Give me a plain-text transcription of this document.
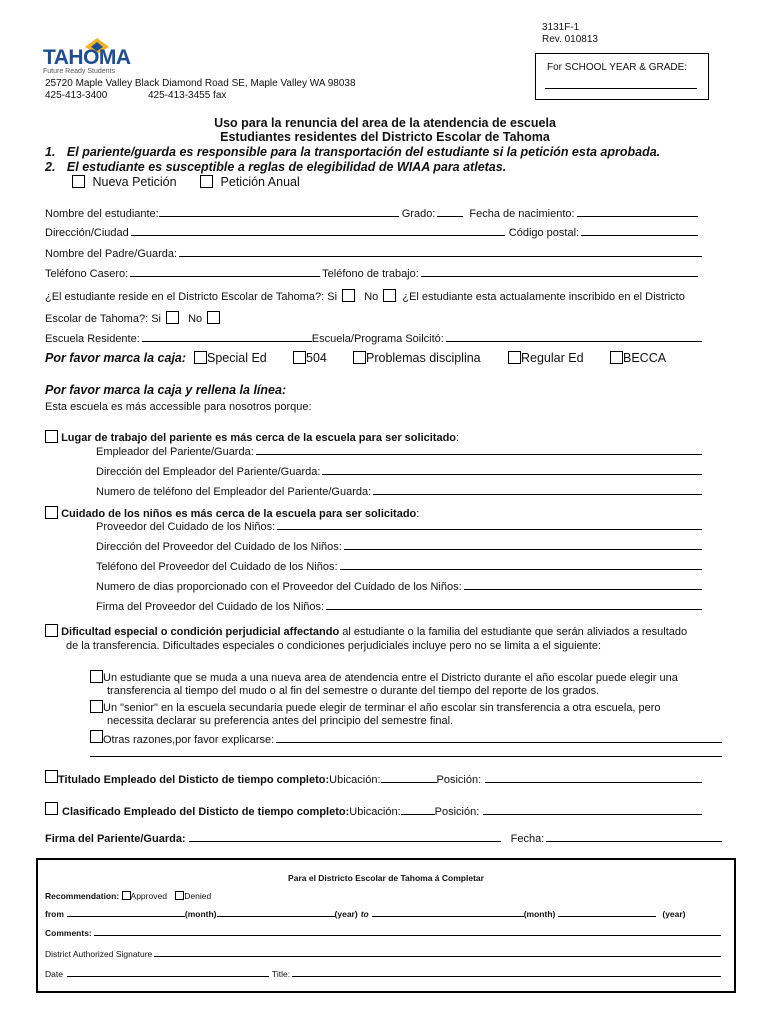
3131F-1
Rev. 010813
TAHOMA
Future Ready Students
25720 Maple Valley Black Diamond Road SE, Maple Valley WA 98038
425-413-3400	425-413-3455 fax
For SCHOOL YEAR & GRADE:
Uso para la renuncia del area de la atendencia de escuela
Estudiantes residentes del Districto Escolar de Tahoma
1. El pariente/guarda es responsible para la transportación del estudiante si la petición esta aprobada.
2. El estudiante es susceptible a reglas de elegibilidad de WIAA para atletas.
Nueva Petición	Petición Anual
Nombre del estudiante:	Grado:	Fecha de nacimiento:
Dirección/Ciudad	Código postal:
Nombre del Padre/Guarda:
Teléfono Casero:	Teléfono de trabajo:
¿El estudiante reside en el Districto Escolar de Tahoma?: Si No ¿El estudiante esta actualamente inscribido en el Districto
Escolar de Tahoma?: Si No
Escuela Residente:	Escuela/Programa Soilcitó:
Por favor marca la caja:	Special Ed	504	Problemas disciplina	Regular Ed	BECCA
Por favor marca la caja y rellena la línea:
Esta escuela es más accessible para nosotros porque:
Lugar de trabajo del pariente es más cerca de la escuela para ser solicitado:
Empleador del Pariente/Guarda:
Dirección del Empleador del Pariente/Guarda:
Numero de teléfono del Empleador del Pariente/Guarda:
Cuidado de los niños es más cerca de la escuela para ser solicitado:
Proveedor del Cuidado de los Niños:
Dirección del Proveedor del Cuidado de los Niños:
Teléfono del Proveedor del Cuidado de los Niños:
Numero de dias proporcionado con el Proveedor del Cuidado de los Niños:
Firma del Proveedor del Cuidado de los Niños:
Dificultad especial o condición perjudicial affectando al estudiante o la familia del estudiante que serán aliviados a resultado
de la transferencia. Dificultades especiales o condiciones perjudiciales incluye pero no se limita a el siguiente:
Un estudiante que se muda a una nueva area de atendencia entre el Districto durante el año escolar puede elegir una
transferencia al tiempo del mudo o al fin del semestre o durante del tiempo del reporte de los grados.
Un "senior" en la escuela secundaria puede elegir de terminar el año escolar sin transferencia a otra escuela, pero
necessita declarar su preferencia antes del principio del semestre final.
Otras razones,por favor explicarse:
Titulado Empleado del Disticto de tiempo completo: Ubicación:	Posición:
Clasificado Empleado del Disticto de tiempo completo: Ubicación:	Posición:
Firma del Pariente/Guarda:	Fecha:
Para el Districto Escolar de Tahoma á Completar
Recommendation: Approved Denied
from	(month)	(year) to	(month)	(year)
Comments:
District Authorized Signature
Date	Title:
